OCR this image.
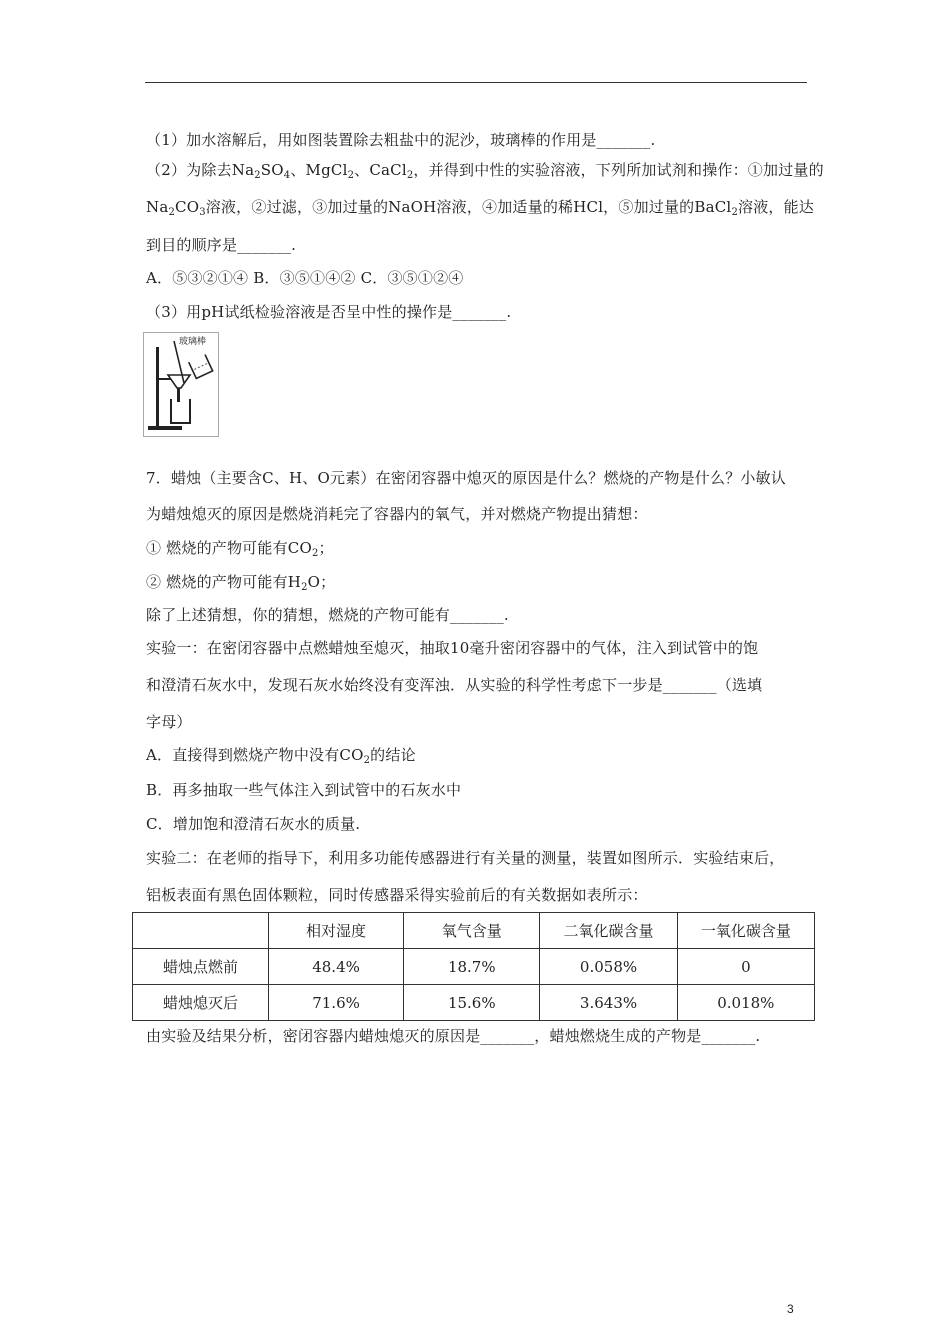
（1）加水溶解后，用如图装置除去粗盐中的泥沙，玻璃棒的作用是_______.
（2）为除去$Na_2SO_4$、MgCl$_2$、CaCl$_2$，并得到中性的实验溶液，下列所加试剂和操作：①加过量的
$Na_2CO_3$溶液，②过滤，③加过量的NaOH溶液，④加适量的稀HCl，⑤加过量的BaCl$_2$溶液，能达
到目的顺序是_______.
A．⑤③②①④ B．③⑤①④② C．③⑤①②④
（3）用pH试纸检验溶液是否呈中性的操作是_______.
玻璃棒
7．蜡烛（主要含C、H、O元素）在密闭容器中熄灭的原因是什么？燃烧的产物是什么？小敏认
为蜡烛熄灭的原因是燃烧消耗完了容器内的氧气，并对燃烧产物提出猜想：
① 燃烧的产物可能有$CO_2$；
② 燃烧的产物可能有$H_2O$；
除了上述猜想，你的猜想，燃烧的产物可能有_______.
实验一：在密闭容器中点燃蜡烛至熄灭，抽取10毫升密闭容器中的气体，注入到试管中的饱
和澄清石灰水中，发现石灰水始终没有变浑浊．从实验的科学性考虑下一步是_______（选填
字母）
A．直接得到燃烧产物中没有$CO_2$的结论
B．再多抽取一些气体注入到试管中的石灰水中
C．增加饱和澄清石灰水的质量.
实验二：在老师的指导下，利用多功能传感器进行有关量的测量，装置如图所示．实验结束后，
铝板表面有黑色固体颗粒，同时传感器采得实验前后的有关数据如表所示：
	相对湿度	氧气含量	二氧化碳含量	一氧化碳含量
蜡烛点燃前	48.4%	18.7%	0.058%	0
蜡烛熄灭后	71.6%	15.6%	3.643%	0.018%
由实验及结果分析，密闭容器内蜡烛熄灭的原因是_______，蜡烛燃烧生成的产物是_______.
3
